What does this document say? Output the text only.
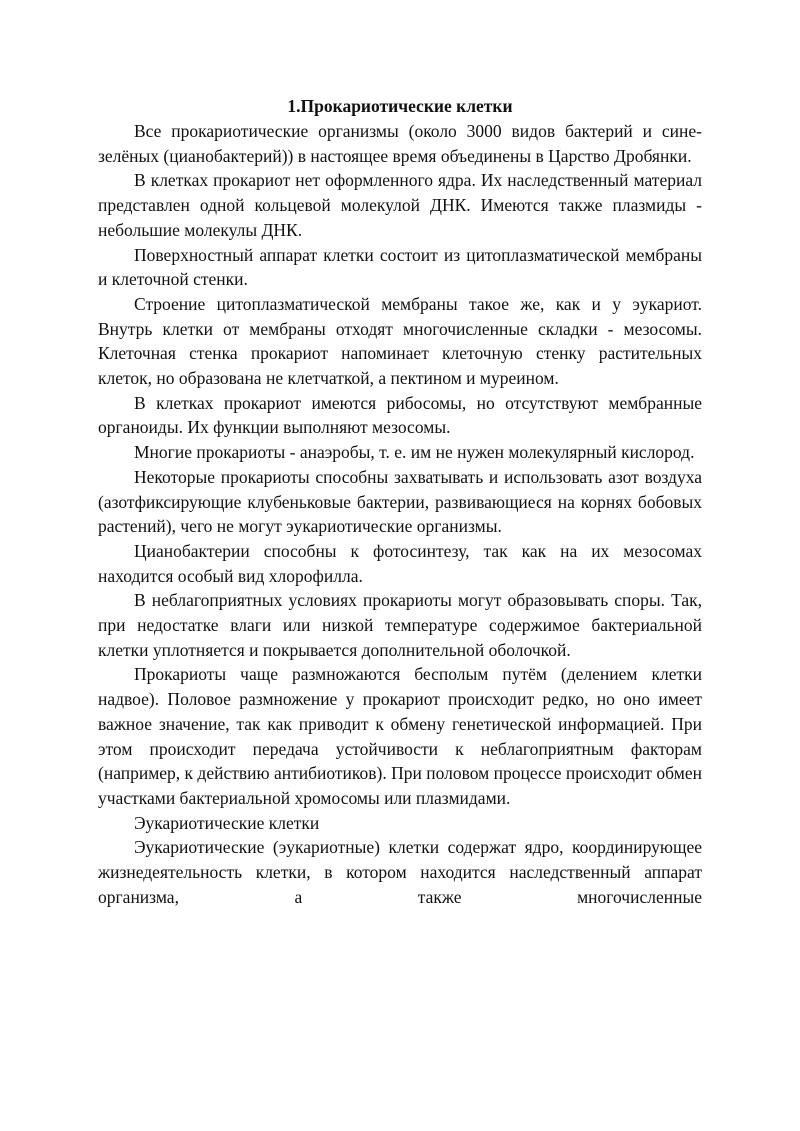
1.Прокариотические клетки

Все прокариотические организмы (около 3000 видов бактерий и сине-зелёных (цианобактерий)) в настоящее время объединены в Царство Дробянки.

В клетках прокариот нет оформленного ядра. Их наследственный материал представлен одной кольцевой молекулой ДНК. Имеются также плазмиды - небольшие молекулы ДНК.

Поверхностный аппарат клетки состоит из цитоплазматической мембраны и клеточной стенки.

Строение цитоплазматической мембраны такое же, как и у эукариот. Внутрь клетки от мембраны отходят многочисленные складки - мезосомы. Клеточная стенка прокариот напоминает клеточную стенку растительных клеток, но образована не клетчаткой, а пектином и муреином.

В клетках прокариот имеются рибосомы, но отсутствуют мембранные органоиды. Их функции выполняют мезосомы.

Многие прокариоты - анаэробы, т. е. им не нужен молекулярный кислород.

Некоторые прокариоты способны захватывать и использовать азот воздуха (азотфиксирующие клубеньковые бактерии, развивающиеся на корнях бобовых растений), чего не могут эукариотические организмы.

Цианобактерии способны к фотосинтезу, так как на их мезосомах находится особый вид хлорофилла.

В неблагоприятных условиях прокариоты могут образовывать споры. Так, при недостатке влаги или низкой температуре содержимое бактериальной клетки уплотняется и покрывается дополнительной оболочкой.

Прокариоты чаще размножаются бесполым путём (делением клетки надвое). Половое размножение у прокариот происходит редко, но оно имеет важное значение, так как приводит к обмену генетической информацией. При этом происходит передача устойчивости к неблагоприятным факторам (например, к действию антибиотиков). При половом процессе происходит обмен участками бактериальной хромосомы или плазмидами.

Эукариотические клетки

Эукариотические (эукариотные) клетки содержат ядро, координирующее жизнедеятельность клетки, в котором находится наследственный аппарат организма, а также многочисленные
